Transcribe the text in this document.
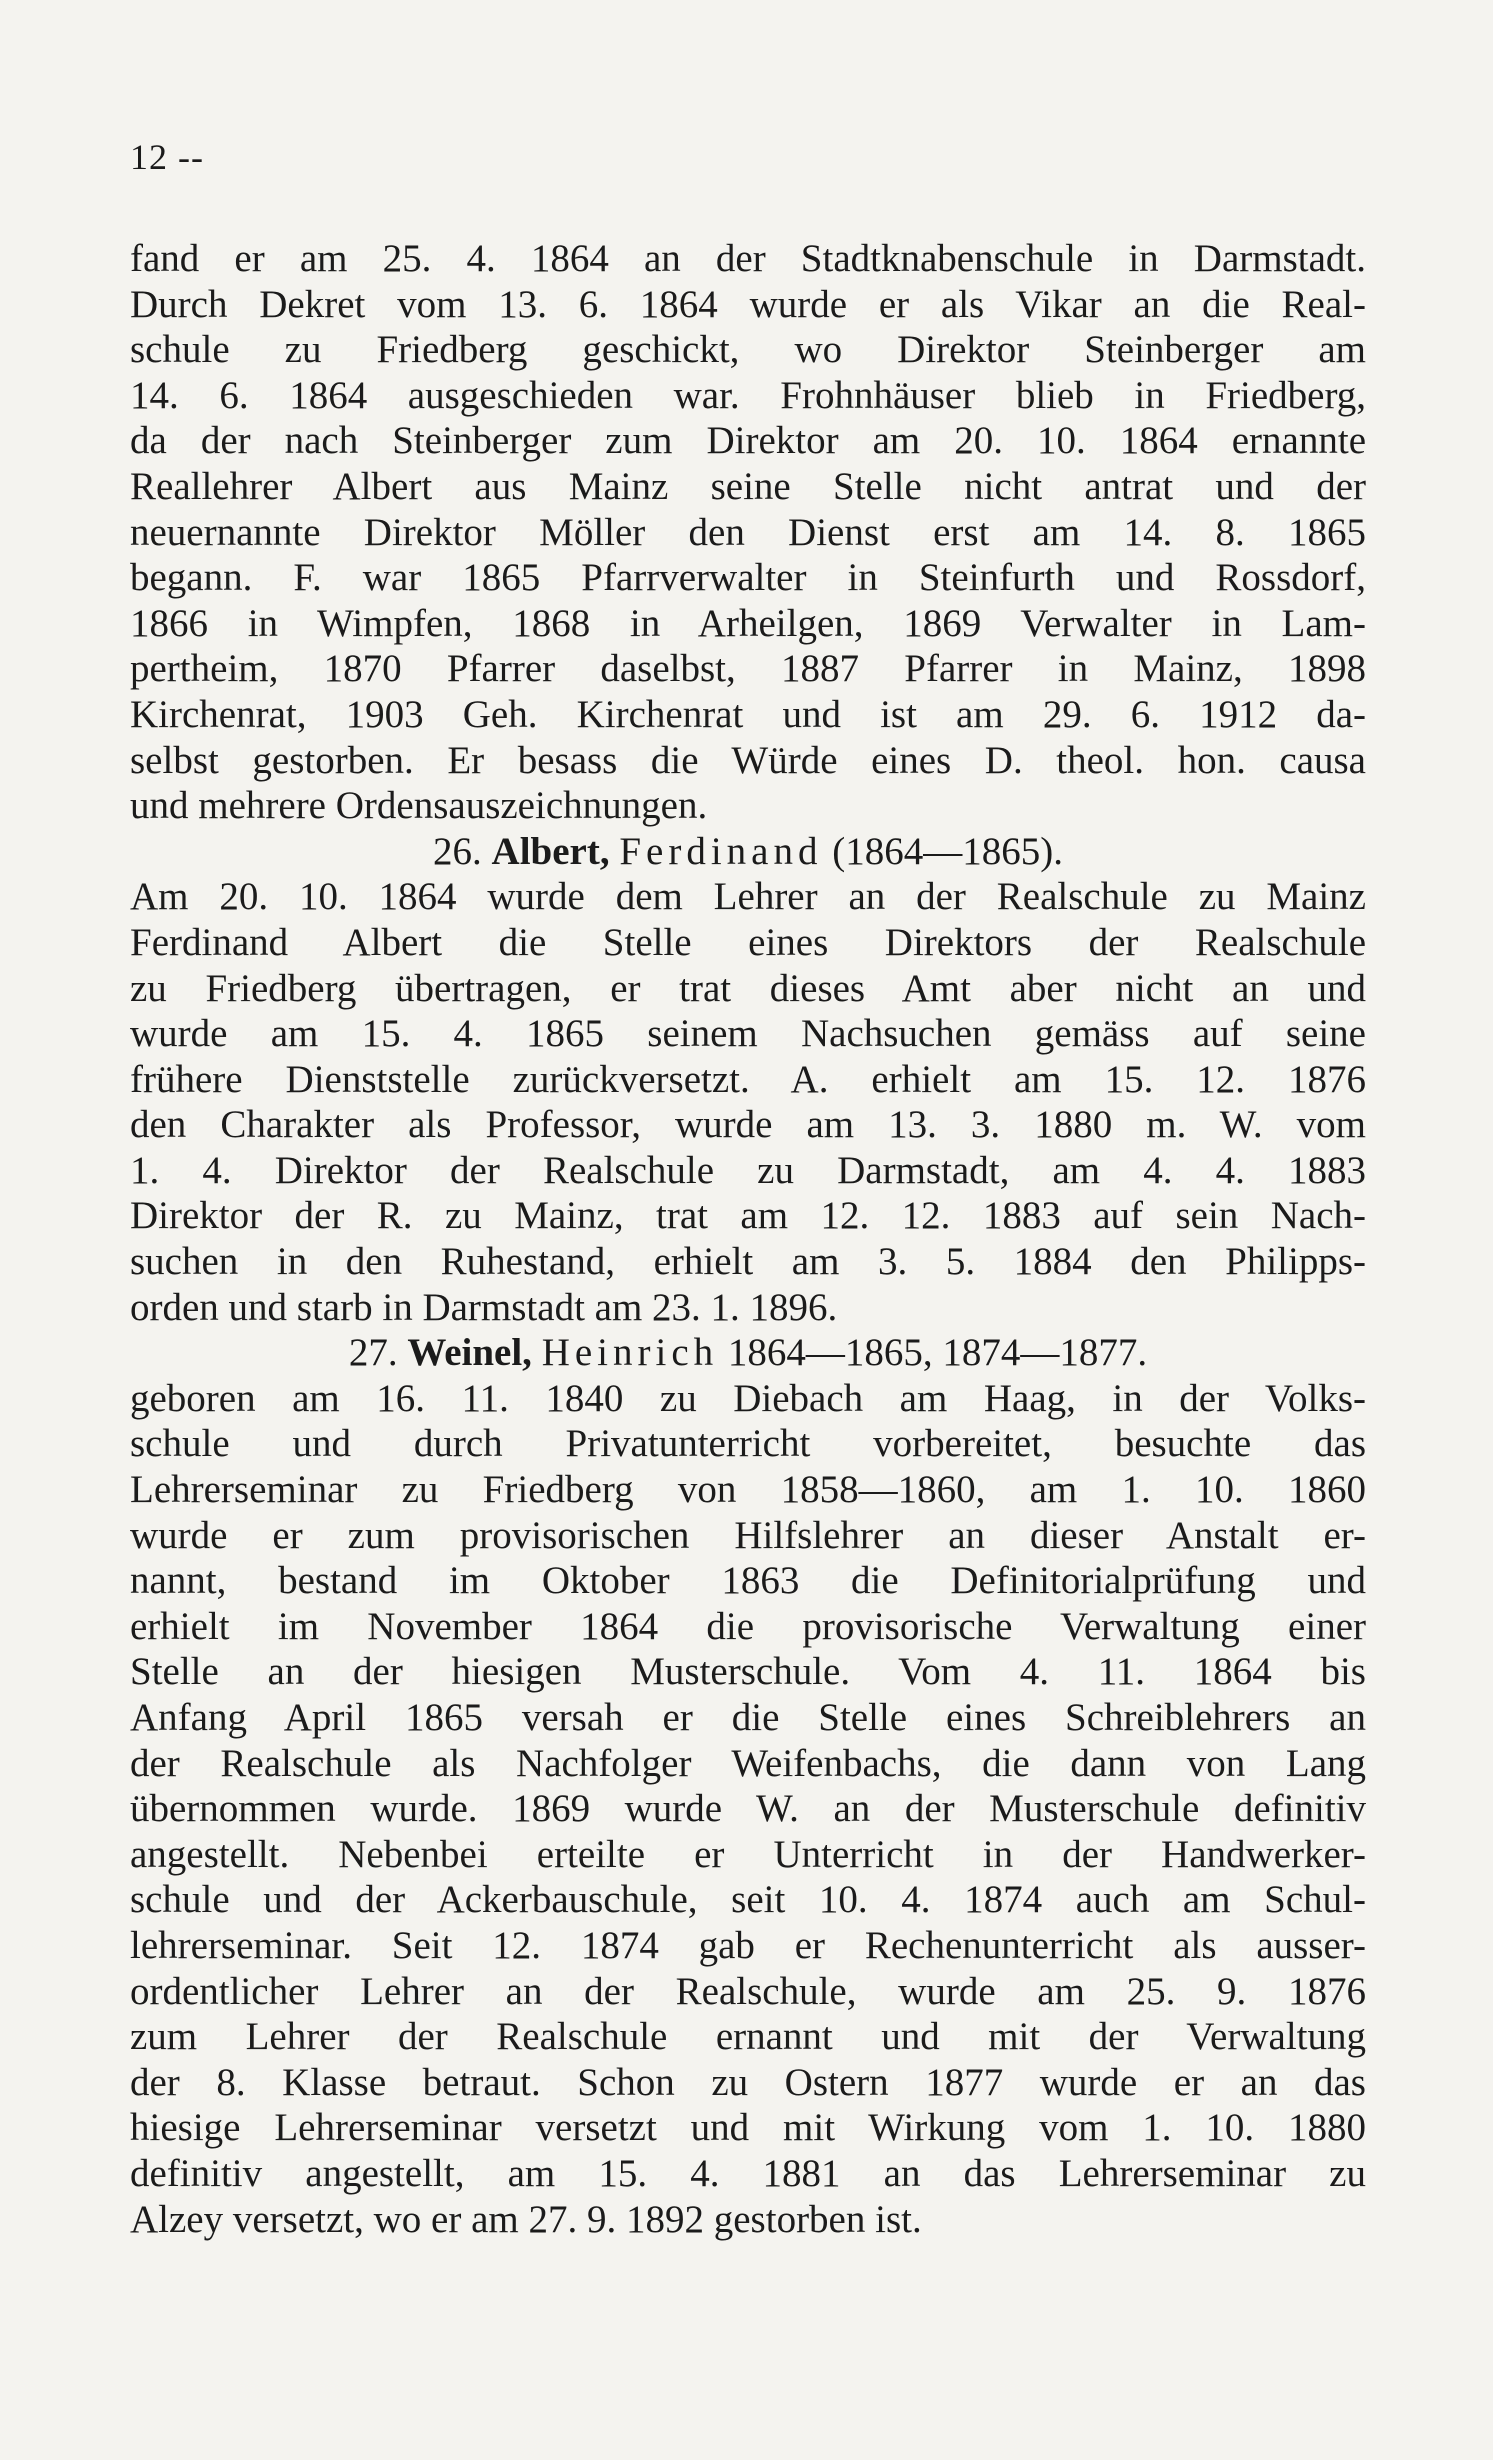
12 --
fand er am 25. 4. 1864 an der Stadtknabenschule in Darmstadt.
Durch Dekret vom 13. 6. 1864 wurde er als Vikar an die Real-
schule zu Friedberg geschickt, wo Direktor Steinberger am
14. 6. 1864 ausgeschieden war. Frohnhäuser blieb in Friedberg,
da der nach Steinberger zum Direktor am 20. 10. 1864 ernannte
Reallehrer Albert aus Mainz seine Stelle nicht antrat und der
neuernannte Direktor Möller den Dienst erst am 14. 8. 1865
begann. F. war 1865 Pfarrverwalter in Steinfurth und Rossdorf,
1866 in Wimpfen, 1868 in Arheilgen, 1869 Verwalter in Lam-
pertheim, 1870 Pfarrer daselbst, 1887 Pfarrer in Mainz, 1898
Kirchenrat, 1903 Geh. Kirchenrat und ist am 29. 6. 1912 da-
selbst gestorben. Er besass die Würde eines D. theol. hon. causa
und mehrere Ordensauszeichnungen.
26. Albert, Ferdinand (1864—1865).
Am 20. 10. 1864 wurde dem Lehrer an der Realschule zu Mainz
Ferdinand Albert die Stelle eines Direktors der Realschule
zu Friedberg übertragen, er trat dieses Amt aber nicht an und
wurde am 15. 4. 1865 seinem Nachsuchen gemäss auf seine
frühere Dienststelle zurückversetzt. A. erhielt am 15. 12. 1876
den Charakter als Professor, wurde am 13. 3. 1880 m. W. vom
1. 4. Direktor der Realschule zu Darmstadt, am 4. 4. 1883
Direktor der R. zu Mainz, trat am 12. 12. 1883 auf sein Nach-
suchen in den Ruhestand, erhielt am 3. 5. 1884 den Philipps-
orden und starb in Darmstadt am 23. 1. 1896.
27. Weinel, Heinrich 1864—1865, 1874—1877.
geboren am 16. 11. 1840 zu Diebach am Haag, in der Volks-
schule und durch Privatunterricht vorbereitet, besuchte das
Lehrerseminar zu Friedberg von 1858—1860, am 1. 10. 1860
wurde er zum provisorischen Hilfslehrer an dieser Anstalt er-
nannt, bestand im Oktober 1863 die Definitorialprüfung und
erhielt im November 1864 die provisorische Verwaltung einer
Stelle an der hiesigen Musterschule. Vom 4. 11. 1864 bis
Anfang April 1865 versah er die Stelle eines Schreiblehrers an
der Realschule als Nachfolger Weifenbachs, die dann von Lang
übernommen wurde. 1869 wurde W. an der Musterschule definitiv
angestellt. Nebenbei erteilte er Unterricht in der Handwerker-
schule und der Ackerbauschule, seit 10. 4. 1874 auch am Schul-
lehrerseminar. Seit 12. 1874 gab er Rechenunterricht als ausser-
ordentlicher Lehrer an der Realschule, wurde am 25. 9. 1876
zum Lehrer der Realschule ernannt und mit der Verwaltung
der 8. Klasse betraut. Schon zu Ostern 1877 wurde er an das
hiesige Lehrerseminar versetzt und mit Wirkung vom 1. 10. 1880
definitiv angestellt, am 15. 4. 1881 an das Lehrerseminar zu
Alzey versetzt, wo er am 27. 9. 1892 gestorben ist.
